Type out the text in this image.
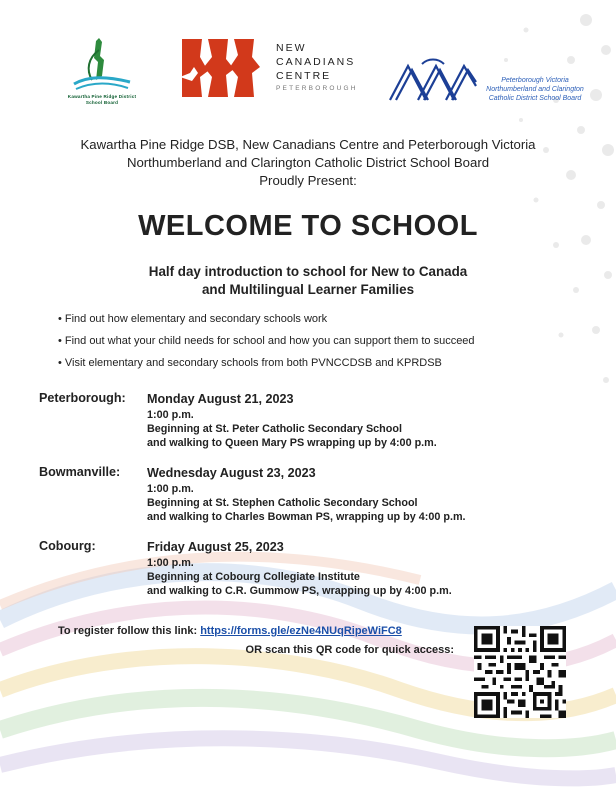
Kawartha Pine Ridge District School Board
NEW
CANADIANS
CENTRE
PETERBOROUGH
Peterborough Victoria
Northumberland and Clarington
Catholic District School Board
Kawartha Pine Ridge DSB, New Canadians Centre and Peterborough Victoria
Northumberland and Clarington Catholic District School Board
Proudly Present:
WELCOME TO SCHOOL
Half day introduction to school for New to Canada
and Multilingual Learner Families
• Find out how elementary and secondary schools work
• Find out what your child needs for school and how you can support them to succeed
• Visit elementary and secondary schools from both PVNCCDSB and KPRDSB
Peterborough: Monday August 21, 2023
1:00 p.m.
Beginning at St. Peter Catholic Secondary School
and walking to Queen Mary PS wrapping up by 4:00 p.m.
Bowmanville: Wednesday August 23, 2023
1:00 p.m.
Beginning at St. Stephen Catholic Secondary School
and walking to Charles Bowman PS, wrapping up by 4:00 p.m.
Cobourg:	Friday August 25, 2023
1:00 p.m.
Beginning at Cobourg Collegiate Institute
and walking to C.R. Gummow PS, wrapping up by 4:00 p.m.
To register follow this link: https://forms.gle/ezNe4NUqRipeWiFC8
OR scan this QR code for quick access:
